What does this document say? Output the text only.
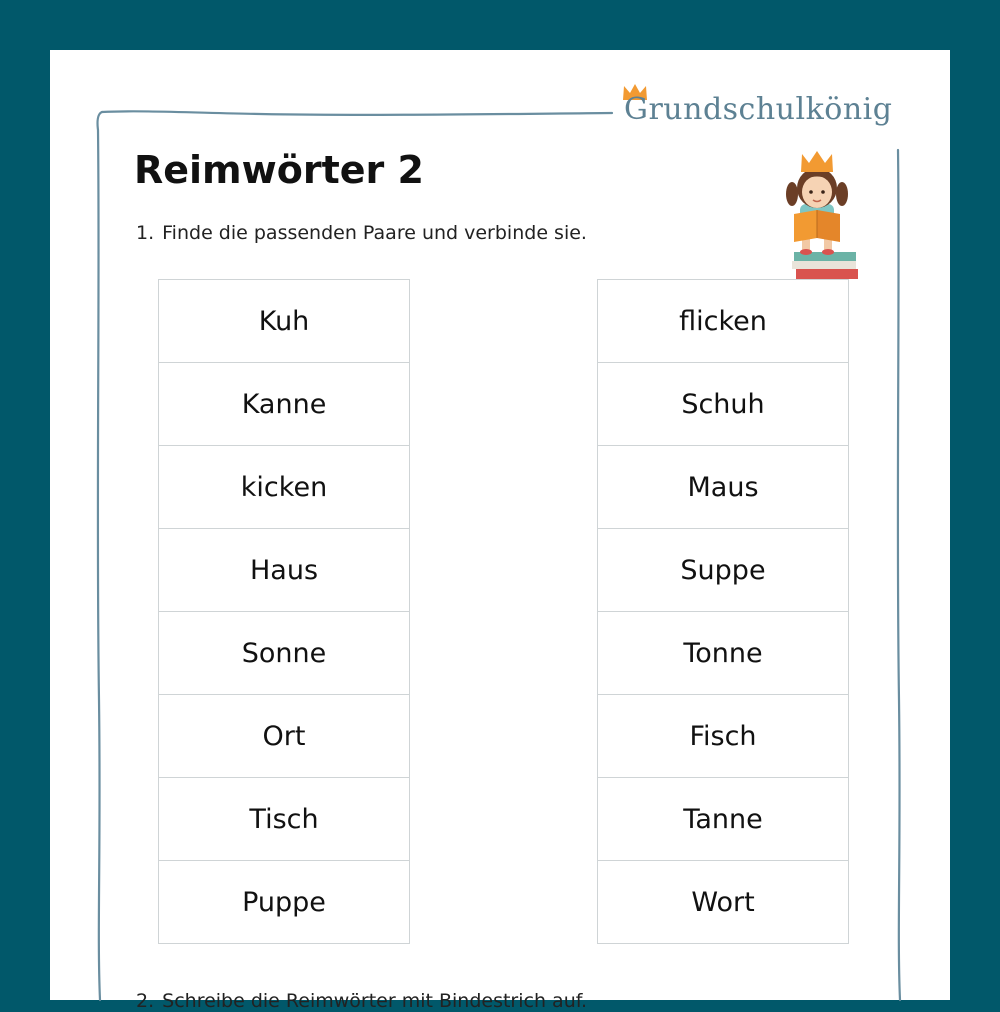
Grundschulkönig
Reimwörter 2
1. Finde die passenden Paare und verbinde sie.
Kuh
Kanne
kicken
Haus
Sonne
Ort
Tisch
Puppe
flicken
Schuh
Maus
Suppe
Tonne
Fisch
Tanne
Wort
2. Schreibe die Reimwörter mit Bindestrich auf.
